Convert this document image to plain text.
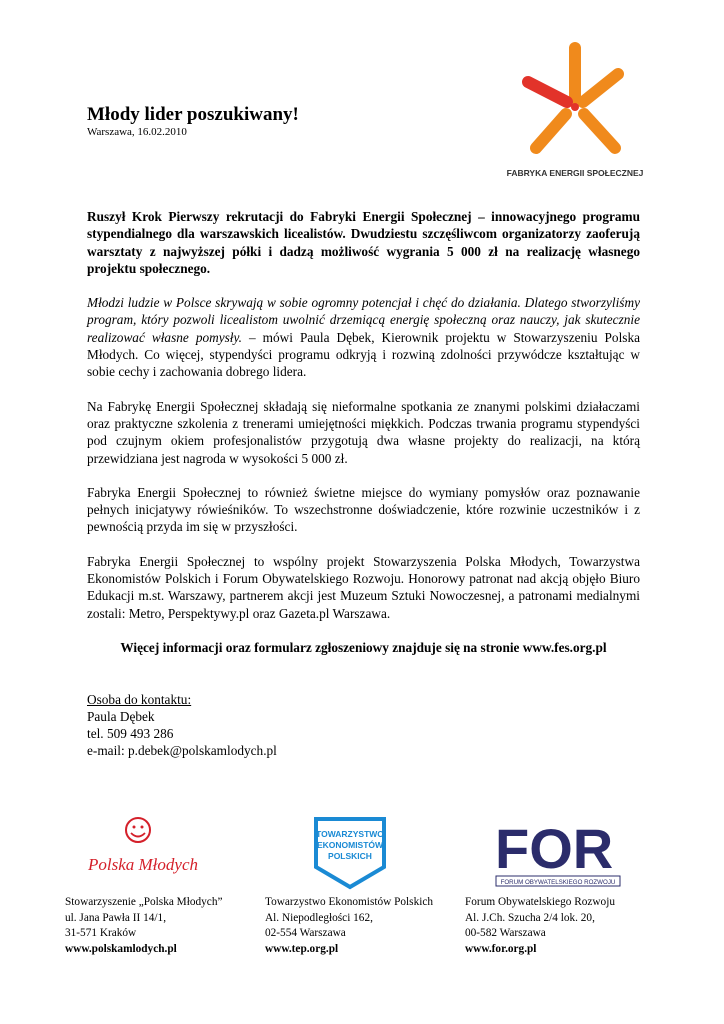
Młody lider poszukiwany!
Warszawa, 16.02.2010
FABRYKA ENERGII SPOŁECZNEJ

Ruszył Krok Pierwszy rekrutacji do Fabryki Energii Społecznej – innowacyjnego programu stypendialnego dla warszawskich licealistów. Dwudziestu szczęśliwcom organizatorzy zaoferują warsztaty z najwyższej półki i dadzą możliwość wygrania 5 000 zł na realizację własnego projektu społecznego.

Młodzi ludzie w Polsce skrywają w sobie ogromny potencjał i chęć do działania. Dlatego stworzyliśmy program, który pozwoli licealistom uwolnić drzemiącą energię społeczną oraz nauczy, jak skutecznie realizować własne pomysły. – mówi Paula Dębek, Kierownik projektu w Stowarzyszeniu Polska Młodych. Co więcej, stypendyści programu odkryją i rozwiną zdolności przywódcze kształtując w sobie cechy i zachowania dobrego lidera.

Na Fabrykę Energii Społecznej składają się nieformalne spotkania ze znanymi polskimi działaczami oraz praktyczne szkolenia z trenerami umiejętności miękkich. Podczas trwania programu stypendyści pod czujnym okiem profesjonalistów przygotują dwa własne projekty do realizacji, na którą przewidziana jest nagroda w wysokości 5 000 zł.

Fabryka Energii Społecznej to również świetne miejsce do wymiany pomysłów oraz poznawanie pełnych inicjatywy rówieśników. To wszechstronne doświadczenie, które rozwinie uczestników i z pewnością przyda im się w przyszłości.

Fabryka Energii Społecznej to wspólny projekt Stowarzyszenia Polska Młodych, Towarzystwa Ekonomistów Polskich i Forum Obywatelskiego Rozwoju. Honorowy patronat nad akcją objęło Biuro Edukacji m.st. Warszawy, partnerem akcji jest Muzeum Sztuki Nowoczesnej, a patronami medialnymi zostali: Metro, Perspektywy.pl oraz Gazeta.pl Warszawa.

Więcej informacji oraz formularz zgłoszeniowy znajduje się na stronie www.fes.org.pl

Osoba do kontaktu:
Paula Dębek
tel. 509 493 286
e-mail: p.debek@polskamlodych.pl
Polska Młodych
TOWARZYSTWO
EKONOMISTÓW
POLSKICH FOR
FORUM OBYWATELSKIEGO ROZWOJU
Stowarzyszenie „Polska Młodych”
ul. Jana Pawła II 14/1,
31-571 Kraków
www.polskamlodych.pl
Towarzystwo Ekonomistów Polskich
Al. Niepodległości 162,
02-554 Warszawa
www.tep.org.pl
Forum Obywatelskiego Rozwoju
Al. J.Ch. Szucha 2/4 lok. 20,
00-582 Warszawa
www.for.org.pl
